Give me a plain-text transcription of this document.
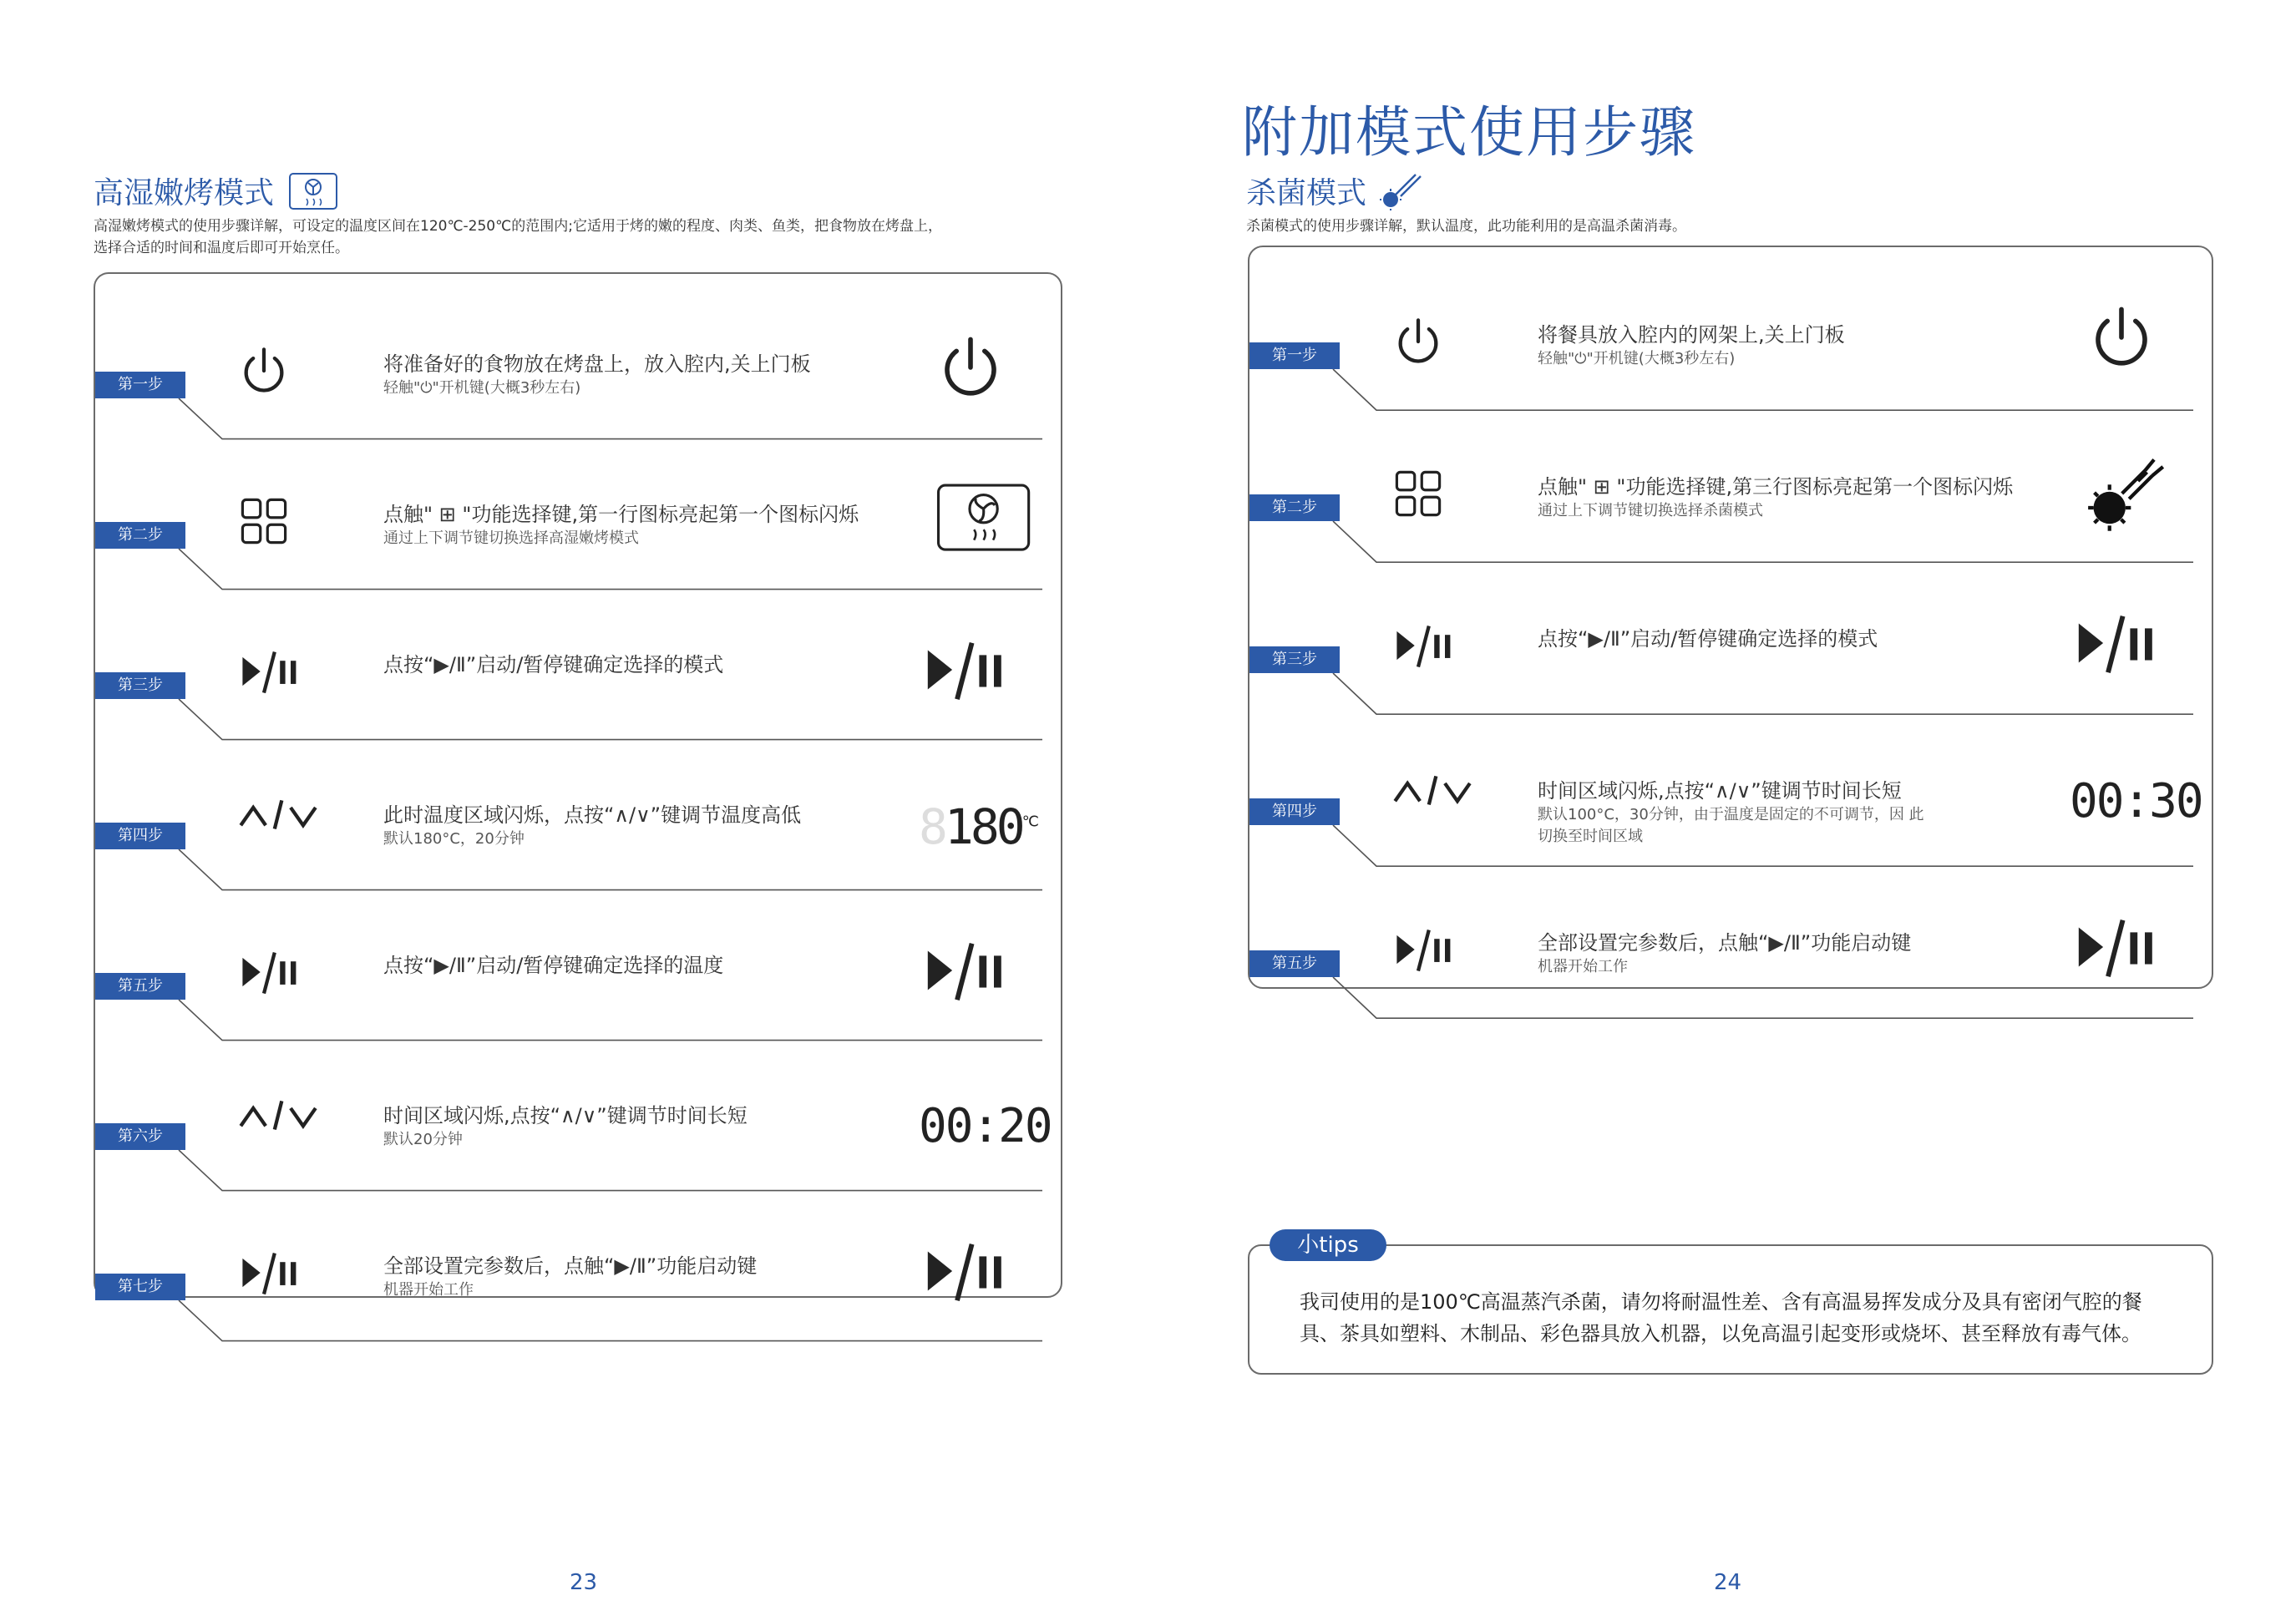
高湿嫩烤模式
高湿嫩烤模式的使用步骤详解，可设定的温度区间在120℃-250℃的范围内;它适用于烤的嫩的程度、肉类、鱼类，把食物放在烤盘上，
选择合适的时间和温度后即可开始烹任。
第一步
将准备好的食物放在烤盘上，放入腔内,关上门板
轻触"⏻"开机键(大概3秒左右)
第二步
点触" ⊞ "功能选择键,第一行图标亮起第一个图标闪烁
通过上下调节键切换选择高湿嫩烤模式
第三步
点按“▶/Ⅱ”启动/暂停键确定选择的模式
第四步
此时温度区域闪烁，点按“∧/∨”键调节温度高低
默认180°C，20分钟	8180℃
第五步
点按“▶/Ⅱ”启动/暂停键确定选择的温度
第六步
时间区域闪烁,点按“∧/∨”键调节时间长短
默认20分钟	00:20
第七步
全部设置完参数后，点触“▶/Ⅱ”功能启动键
机器开始工作
23
附加模式使用步骤
杀菌模式
杀菌模式的使用步骤详解，默认温度，此功能利用的是高温杀菌消毒。
第一步
将餐具放入腔内的网架上,关上门板
轻触"⏻"开机键(大概3秒左右)
第二步
点触" ⊞ "功能选择键,第三行图标亮起第一个图标闪烁
通过上下调节键切换选择杀菌模式
第三步
点按“▶/Ⅱ”启动/暂停键确定选择的模式
第四步
时间区域闪烁,点按“∧/∨”键调节时间长短
默认100°C，30分钟，由于温度是固定的不可调节，因 此切换至时间区域
00:30
第五步
全部设置完参数后，点触“▶/Ⅱ”功能启动键
机器开始工作
我司使用的是100℃高温蒸汽杀菌，请勿将耐温性差、含有高温易挥发成分及具有密闭气腔的餐具、茶具如塑料、木制品、彩色器具放入机器，以免高温引起变形或烧坏、甚至释放有毒气体。
小tips
24
